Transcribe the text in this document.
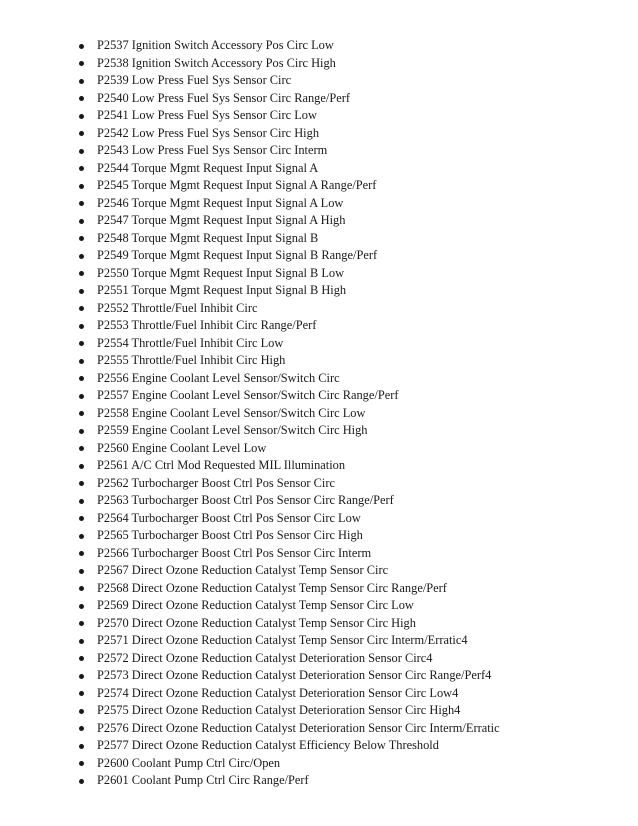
P2537 Ignition Switch Accessory Pos Circ Low
P2538 Ignition Switch Accessory Pos Circ High
P2539 Low Press Fuel Sys Sensor Circ
P2540 Low Press Fuel Sys Sensor Circ Range/Perf
P2541 Low Press Fuel Sys Sensor Circ Low
P2542 Low Press Fuel Sys Sensor Circ High
P2543 Low Press Fuel Sys Sensor Circ Interm
P2544 Torque Mgmt Request Input Signal A
P2545 Torque Mgmt Request Input Signal A Range/Perf
P2546 Torque Mgmt Request Input Signal A Low
P2547 Torque Mgmt Request Input Signal A High
P2548 Torque Mgmt Request Input Signal B
P2549 Torque Mgmt Request Input Signal B Range/Perf
P2550 Torque Mgmt Request Input Signal B Low
P2551 Torque Mgmt Request Input Signal B High
P2552 Throttle/Fuel Inhibit Circ
P2553 Throttle/Fuel Inhibit Circ Range/Perf
P2554 Throttle/Fuel Inhibit Circ Low
P2555 Throttle/Fuel Inhibit Circ High
P2556 Engine Coolant Level Sensor/Switch Circ
P2557 Engine Coolant Level Sensor/Switch Circ Range/Perf
P2558 Engine Coolant Level Sensor/Switch Circ Low
P2559 Engine Coolant Level Sensor/Switch Circ High
P2560 Engine Coolant Level Low
P2561 A/C Ctrl Mod Requested MIL Illumination
P2562 Turbocharger Boost Ctrl Pos Sensor Circ
P2563 Turbocharger Boost Ctrl Pos Sensor Circ Range/Perf
P2564 Turbocharger Boost Ctrl Pos Sensor Circ Low
P2565 Turbocharger Boost Ctrl Pos Sensor Circ High
P2566 Turbocharger Boost Ctrl Pos Sensor Circ Interm
P2567 Direct Ozone Reduction Catalyst Temp Sensor Circ
P2568 Direct Ozone Reduction Catalyst Temp Sensor Circ Range/Perf
P2569 Direct Ozone Reduction Catalyst Temp Sensor Circ Low
P2570 Direct Ozone Reduction Catalyst Temp Sensor Circ High
P2571 Direct Ozone Reduction Catalyst Temp Sensor Circ Interm/Erratic4
P2572 Direct Ozone Reduction Catalyst Deterioration Sensor Circ4
P2573 Direct Ozone Reduction Catalyst Deterioration Sensor Circ Range/Perf4
P2574 Direct Ozone Reduction Catalyst Deterioration Sensor Circ Low4
P2575 Direct Ozone Reduction Catalyst Deterioration Sensor Circ High4
P2576 Direct Ozone Reduction Catalyst Deterioration Sensor Circ Interm/Erratic
P2577 Direct Ozone Reduction Catalyst Efficiency Below Threshold
P2600 Coolant Pump Ctrl Circ/Open
P2601 Coolant Pump Ctrl Circ Range/Perf
